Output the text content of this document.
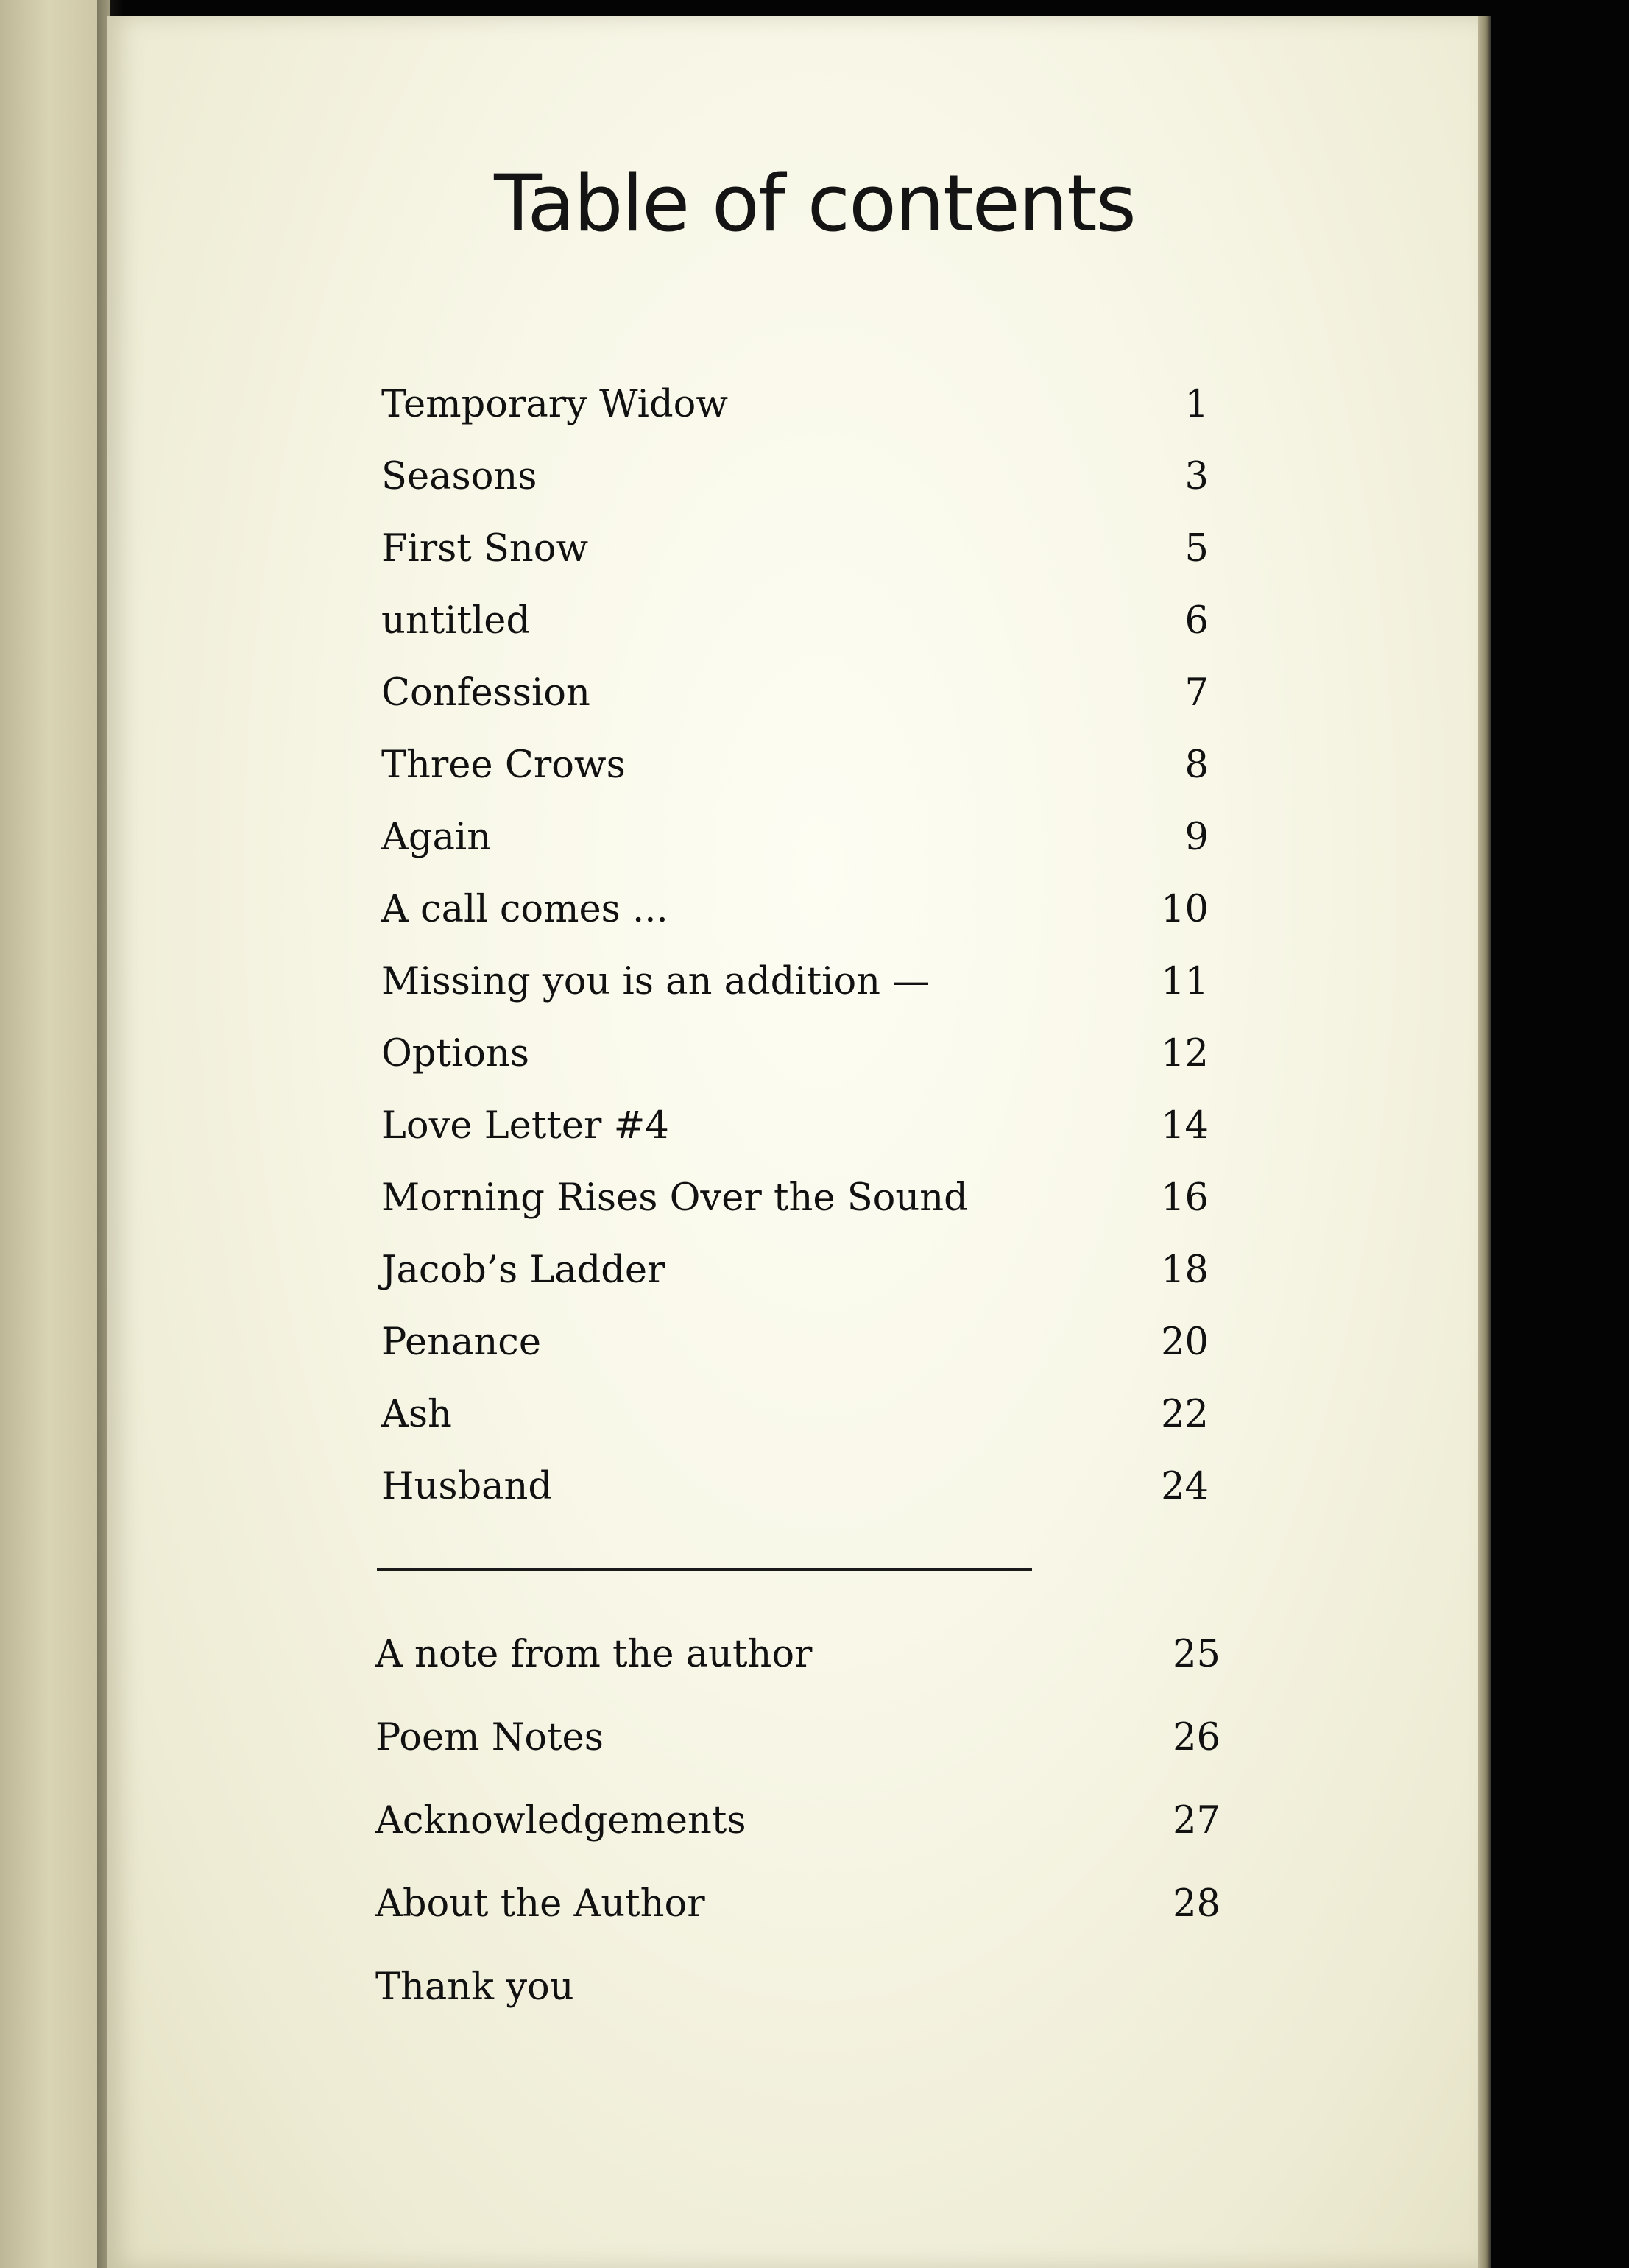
Table of contents
Temporary Widow	1
Seasons	3
First Snow	5
untitled	6
Confession	7
Three Crows	8
Again	9
A call comes ...	10
Missing you is an addition —	11
Options	12
Love Letter #4	14
Morning Rises Over the Sound	16
Jacob’s Ladder	18
Penance	20
Ash	22
Husband	24
A note from the author	25
Poem Notes	26
Acknowledgements	27
About the Author	28
Thank you
